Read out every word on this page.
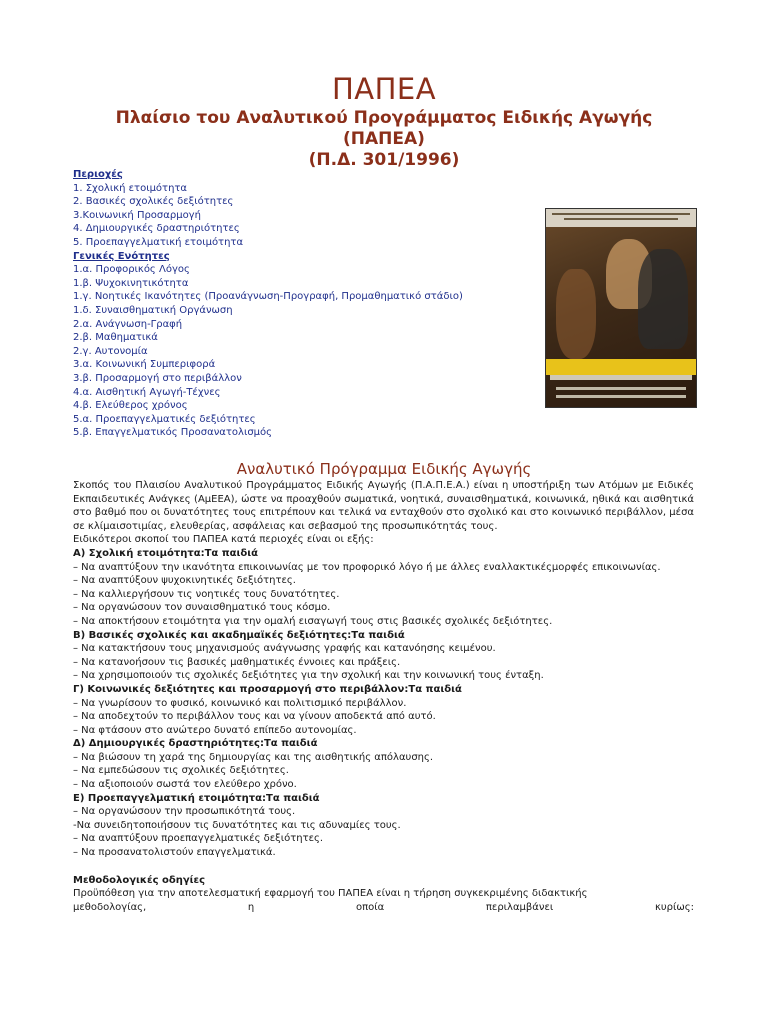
ΠΑΠΕΑ
Πλαίσιο του Αναλυτικού Προγράμματος Ειδικής Αγωγής
(ΠΑΠΕΑ)
(Π.Δ. 301/1996)
Περιοχές
1. Σχολική ετοιμότητα
2. Βασικές σχολικές δεξιότητες
3.Κοινωνική Προσαρμογή
4. Δημιουργικές δραστηριότητες
5. Προεπαγγελματική ετοιμότητα
Γενικές Ενότητες
1.α. Προφορικός Λόγος
1.β. Ψυχοκινητικότητα
1.γ. Νοητικές Ικανότητες (Προανάγνωση-Προγραφή, Προμαθηματικό στάδιο)
1.δ. Συναισθηματική Οργάνωση
2.α. Ανάγνωση-Γραφή
2.β. Μαθηματικά
2.γ. Αυτονομία
3.α. Κοινωνική Συμπεριφορά
3.β. Προσαρμογή στο περιβάλλον
4.α. Αισθητική Αγωγή-Τέχνες
4.β. Ελεύθερος χρόνος
5.α. Προεπαγγελματικές δεξιότητες
5.β. Επαγγελματικός Προσανατολισμός
Αναλυτικό Πρόγραμμα Ειδικής Αγωγής
Σκοπός του Πλαισίου Αναλυτικού Προγράμματος Ειδικής Αγωγής (Π.Α.Π.Ε.Α.) είναι η υποστήριξη των Ατόμων με Ειδικές Εκπαιδευτικές Ανάγκες (ΑμΕΕΑ), ώστε να προαχθούν σωματικά, νοητικά, συναισθηματικά, κοινωνικά, ηθικά και αισθητικά στο βαθμό που οι δυνατότητες τους επιτρέπουν και τελικά να ενταχθούν στο σχολικό και στο κοινωνικό περιβάλλον, μέσα σε κλίμαισοτιμίας, ελευθερίας, ασφάλειας και σεβασμού της προσωπικότητάς τους.
Ειδικότεροι σκοποί του ΠΑΠΕΑ κατά περιοχές είναι οι εξής:
Α) Σχολική ετοιμότητα:Τα παιδιά
– Να αναπτύξουν την ικανότητα επικοινωνίας με τον προφορικό λόγο ή με άλλες εναλλακτικέςμορφές επικοινωνίας.
– Να αναπτύξουν ψυχοκινητικές δεξιότητες.
– Να καλλιεργήσουν τις νοητικές τους δυνατότητες.
– Να οργανώσουν τον συναισθηματικό τους κόσμο.
– Να αποκτήσουν ετοιμότητα για την ομαλή εισαγωγή τους στις βασικές σχολικές δεξιότητες.
Β) Βασικές σχολικές και ακαδημαϊκές δεξιότητες:Τα παιδιά
– Να κατακτήσουν τους μηχανισμούς ανάγνωσης γραφής και κατανόησης κειμένου.
– Να κατανοήσουν τις βασικές μαθηματικές έννοιες και πράξεις.
– Να χρησιμοποιούν τις σχολικές δεξιότητες για την σχολική και την κοινωνική τους ένταξη.
Γ) Κοινωνικές δεξιότητες και προσαρμογή στο περιβάλλον:Τα παιδιά
– Να γνωρίσουν το φυσικό, κοινωνικό και πολιτισμικό περιβάλλον.
– Να αποδεχτούν το περιβάλλον τους και να γίνουν αποδεκτά από αυτό.
– Να φτάσουν στο ανώτερο δυνατό επίπεδο αυτονομίας.
Δ) Δημιουργικές δραστηριότητες:Τα παιδιά
– Να βιώσουν τη χαρά της δημιουργίας και της αισθητικής απόλαυσης.
– Να εμπεδώσουν τις σχολικές δεξιότητες.
– Να αξιοποιούν σωστά τον ελεύθερο χρόνο.
Ε) Προεπαγγελματική ετοιμότητα:Τα παιδιά
– Να οργανώσουν την προσωπικότητά τους.
-Να συνειδητοποιήσουν τις δυνατότητες και τις αδυναμίες τους.
– Να αναπτύξουν προεπαγγελματικές δεξιότητες.
– Να προσανατολιστούν επαγγελματικά.
Μεθοδολογικές οδηγίες
Προϋπόθεση για την αποτελεσματική εφαρμογή του ΠΑΠΕΑ είναι η τήρηση συγκεκριμένης διδακτικής
μεθοδολογίας, η οποία περιλαμβάνει κυρίως:
